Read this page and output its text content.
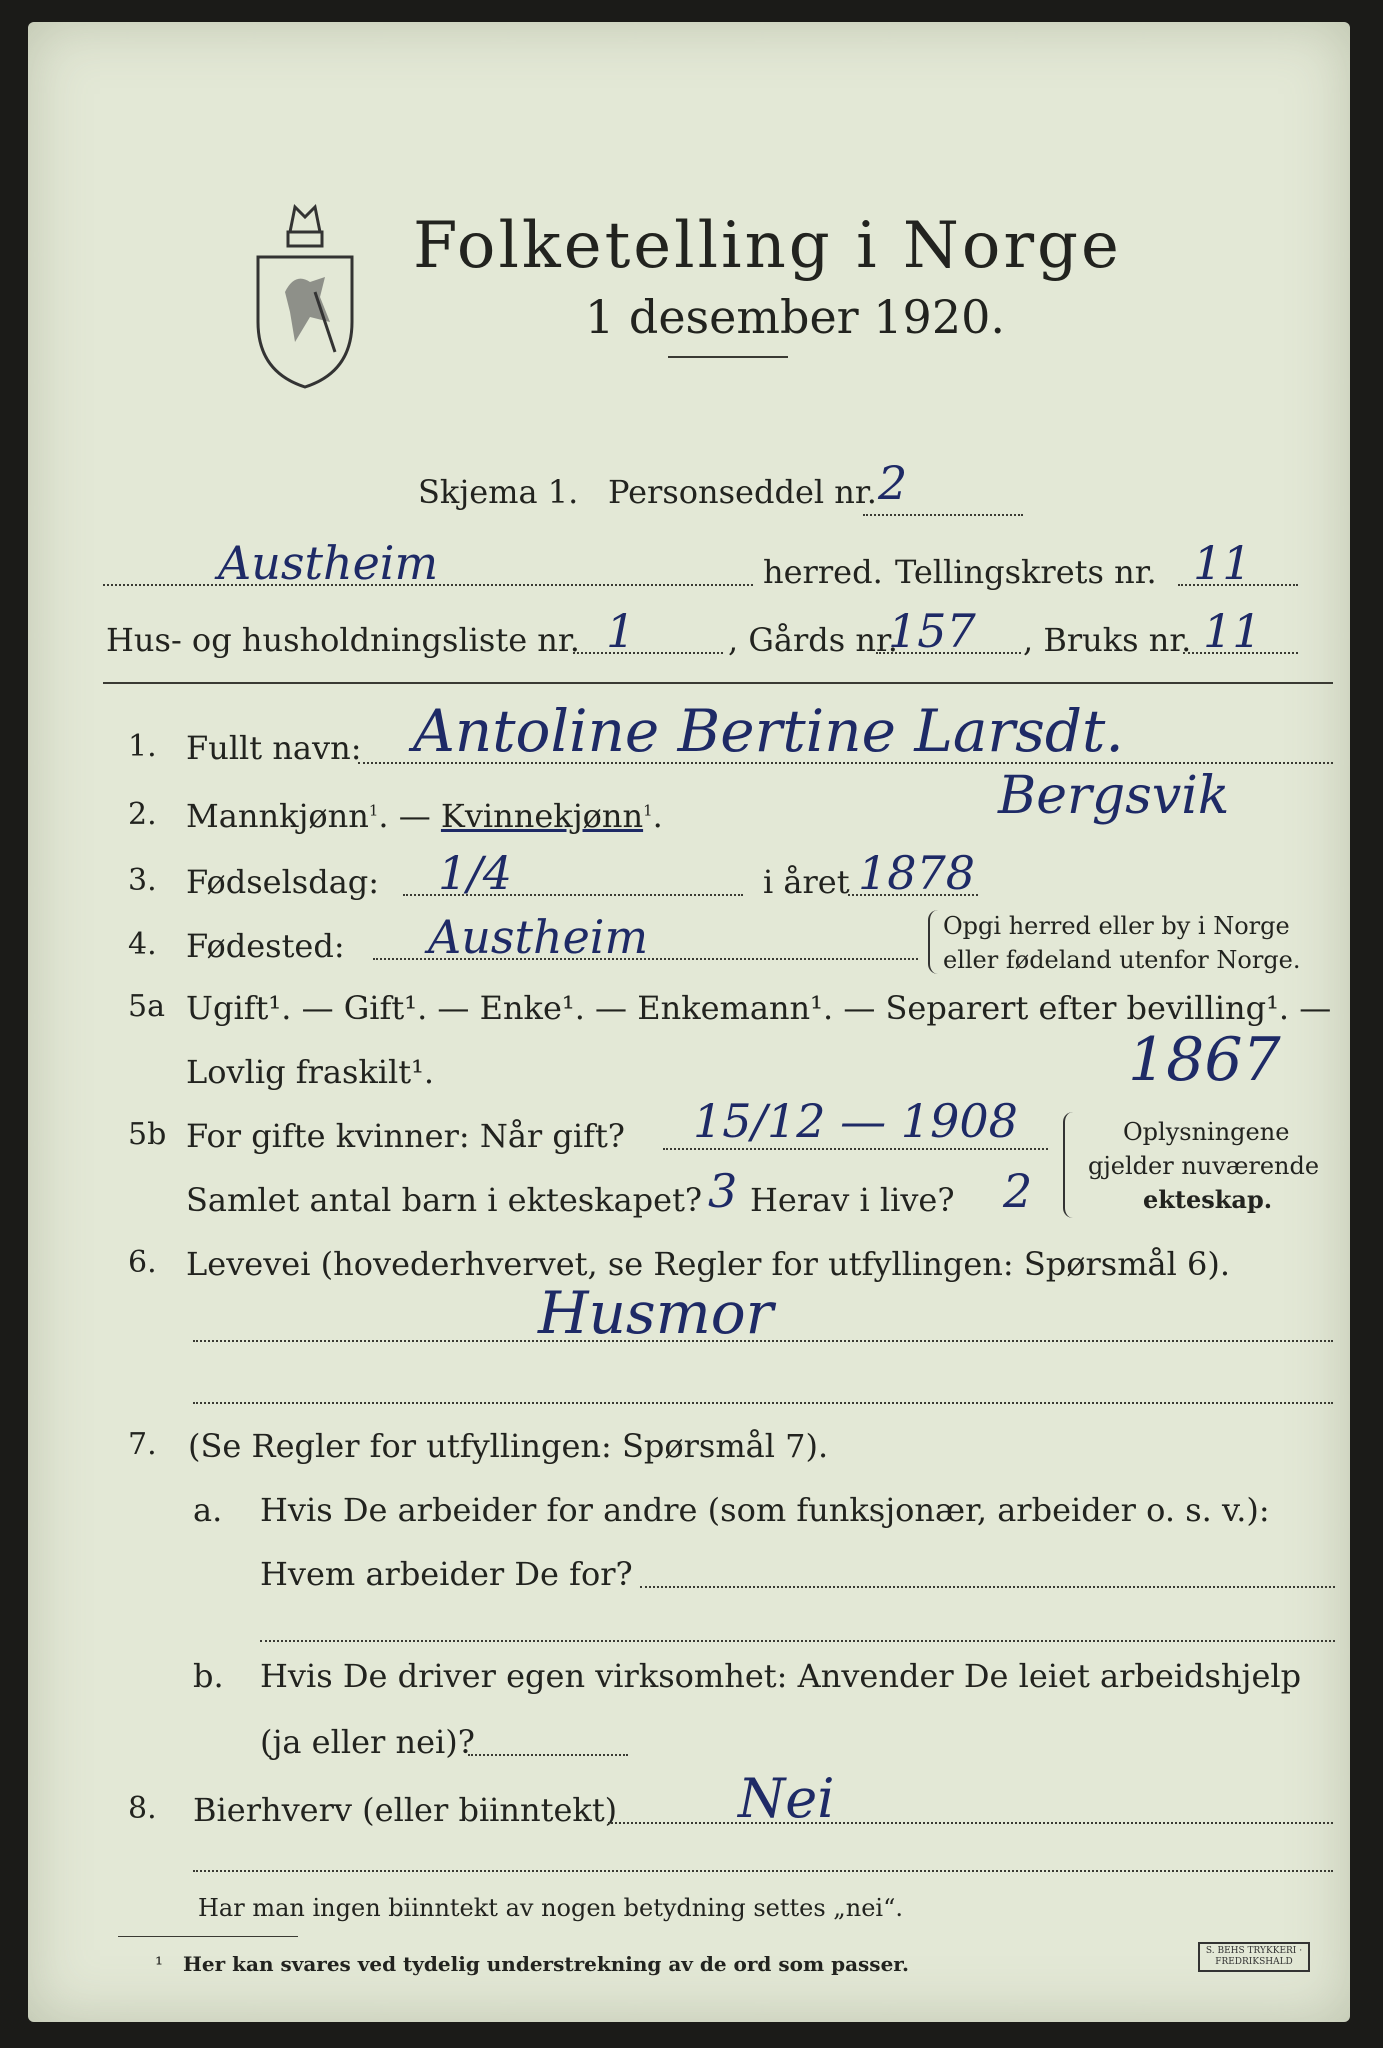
Folketelling i Norge
1 desember 1920.
Skjema 1. Personseddel nr. 2
Austheim	herred. Tellingskrets nr. 11
Hus- og husholdningsliste nr. 1	, Gårds nr.
157 , Bruks nr. 11
1. Fullt navn: Antoline Bertine Larsdt.
Bergsvik
2. Mannkjønn$^1$. — Kvinnekjønn$^1$.
3. Fødselsdag: 1/4	i året 1878
4. Fødested: Austheim	Opgi herred eller by i Norge
eller fødeland utenfor Norge.
5a Ugift¹. — Gift¹. — Enke¹. — Enkemann¹. — Separert efter bevilling¹. —
Lovlig fraskilt¹.	1867
5b For gifte kvinner: Når gift? 15/12 — 1908
Samlet antal barn i ekteskapet? 3 Herav i live? 2
Oplysningene
gjelder nuværende
ekteskap.
6. Levevei (hovederhvervet, se Regler for utfyllingen: Spørsmål 6).
Husmor
7. (Se Regler for utfyllingen: Spørsmål 7).
a. Hvis De arbeider for andre (som funksjonær, arbeider o. s. v.):
Hvem arbeider De for?
b. Hvis De driver egen virksomhet: Anvender De leiet arbeidshjelp
(ja eller nei)?
8. Bierhverv (eller biinntekt) Nei
Har man ingen biinntekt av nogen betydning settes „nei“.
¹ Her kan svares ved tydelig understrekning av de ord som passer.
S. BEHS TRYKKERI · FREDRIKSHALD
